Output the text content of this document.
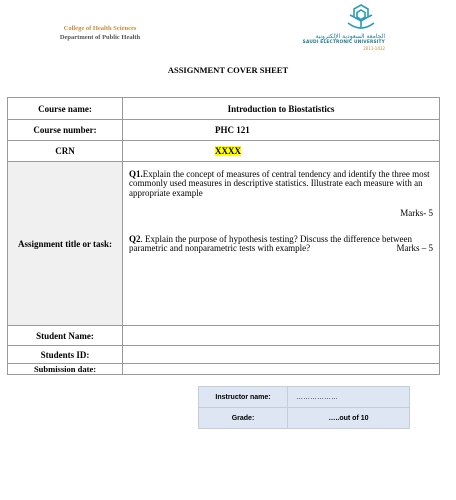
College of Health Sciences
Department of Public Health	الجامعة السعودية الإلكترونية
SAUDI ELECTRONIC UNIVERSITY
2011-1432
ASSIGNMENT COVER SHEET
Course name:	Introduction to Biostatistics
Course number:	PHC 121
CRN	XXXX
Assignment title or task:	Q1.Explain the concept of measures of central tendency and identify the three most commonly used measures in descriptive statistics. Illustrate each measure with an appropriate example

Marks- 5

Q2. Explain the purpose of hypothesis testing? Discuss the difference between

parametric and nonparametric tests with example? Marks – 5

Student Name:	
Students ID:	
Submission date:	
Instructor name:	………………
Grade:	…..out of 10
